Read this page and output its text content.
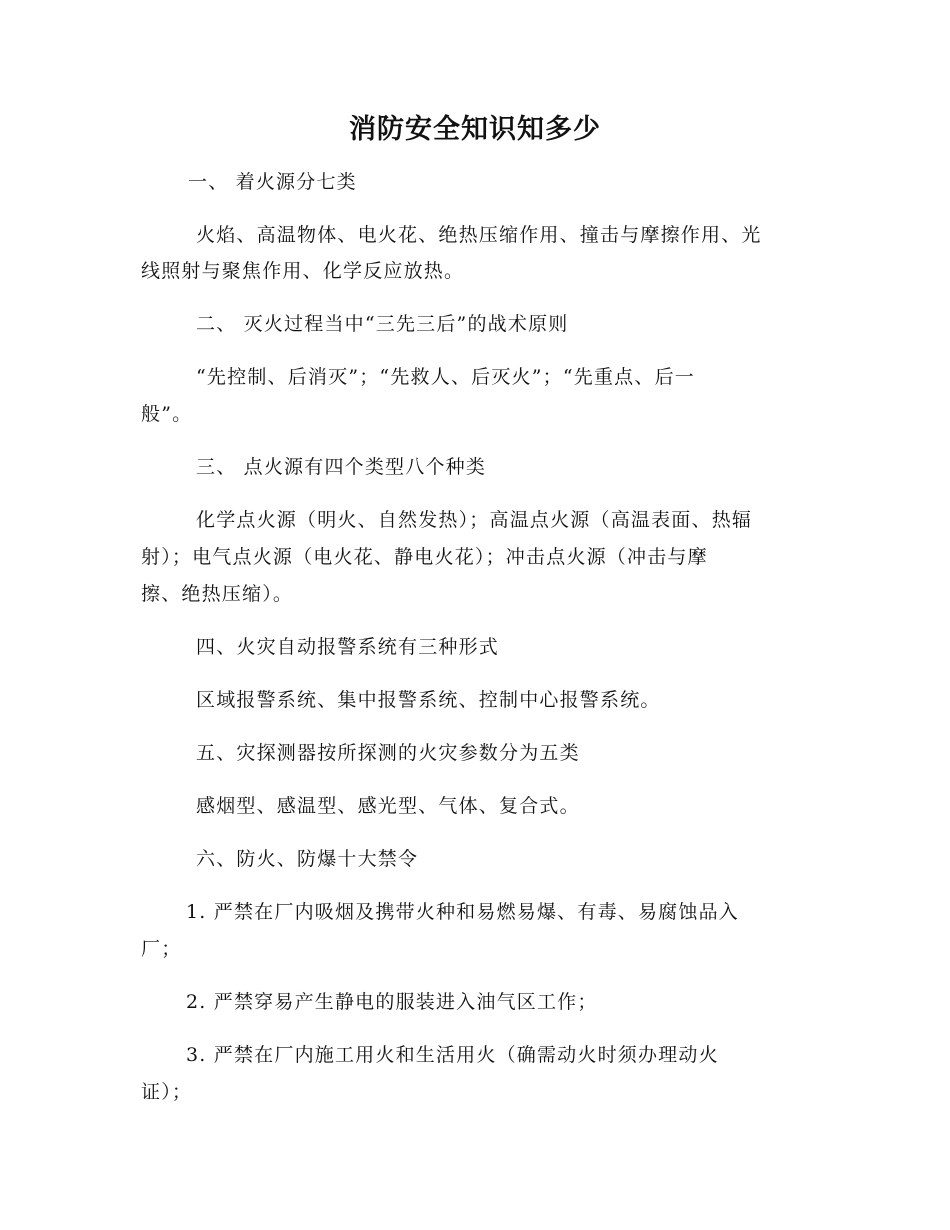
消防安全知识知多少
一、 着火源分七类
火焰、高温物体、电火花、绝热压缩作用、撞击与摩擦作用、光
线照射与聚焦作用、化学反应放热。
二、 灭火过程当中“三先三后”的战术原则
“先控制、后消灭”；“先救人、后灭火”；“先重点、后一
般”。
三、 点火源有四个类型八个种类
化学点火源（明火、自然发热）；高温点火源（高温表面、热辐
射）；电气点火源（电火花、静电火花）；冲击点火源（冲击与摩
擦、绝热压缩）。
四、火灾自动报警系统有三种形式
区域报警系统、集中报警系统、控制中心报警系统。
五、灾探测器按所探测的火灾参数分为五类
感烟型、感温型、感光型、气体、复合式。
六、防火、防爆十大禁令
1. 严禁在厂内吸烟及携带火种和易燃易爆、有毒、易腐蚀品入
厂；
2. 严禁穿易产生静电的服装进入油气区工作；
3. 严禁在厂内施工用火和生活用火（确需动火时须办理动火
证）；
